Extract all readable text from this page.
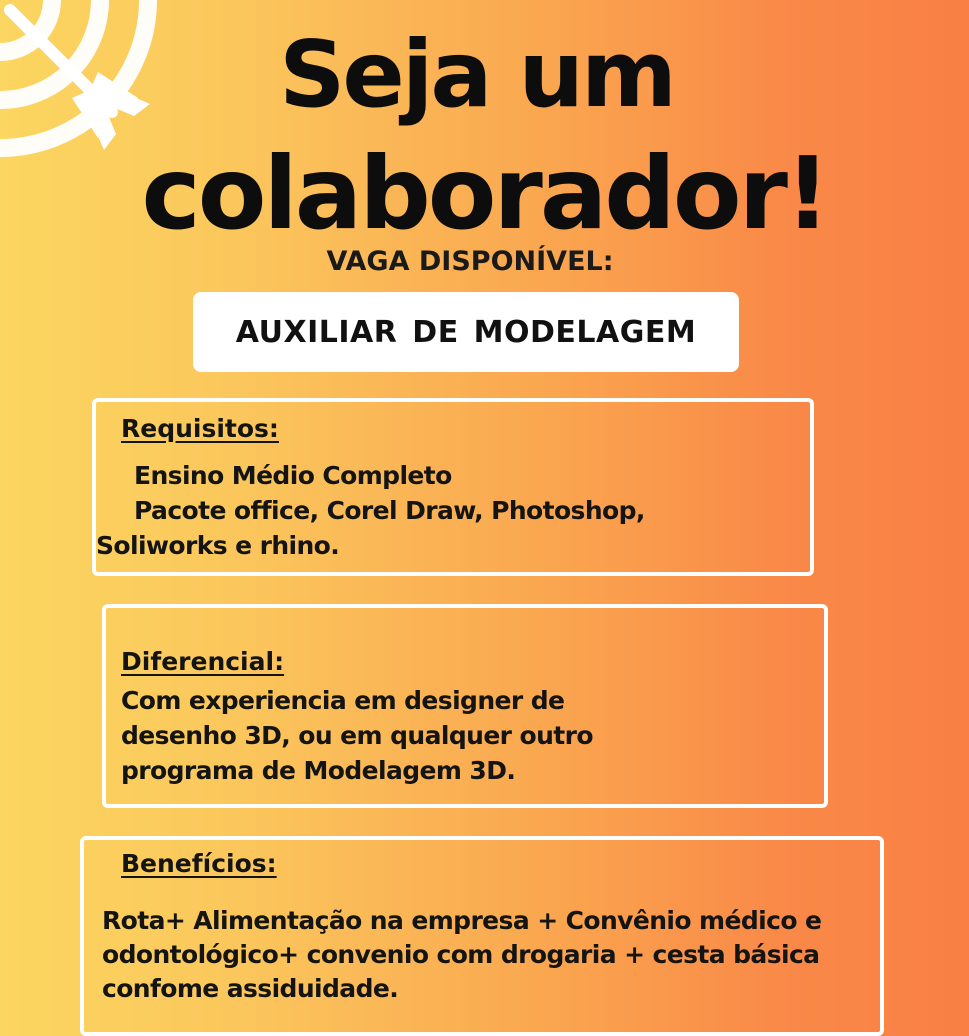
Seja um
colaborador!
VAGA DISPONÍVEL:
AUXILIAR DE MODELAGEM
Requisitos:
Ensino Médio Completo
Pacote office, Corel Draw, Photoshop,
Soliworks e rhino.
Diferencial:
Com experiencia em designer de
desenho 3D, ou em qualquer outro
programa de Modelagem 3D.
Benefícios:
Rota+ Alimentação na empresa + Convênio médico e
odontológico+ convenio com drogaria + cesta básica
confome assiduidade.
